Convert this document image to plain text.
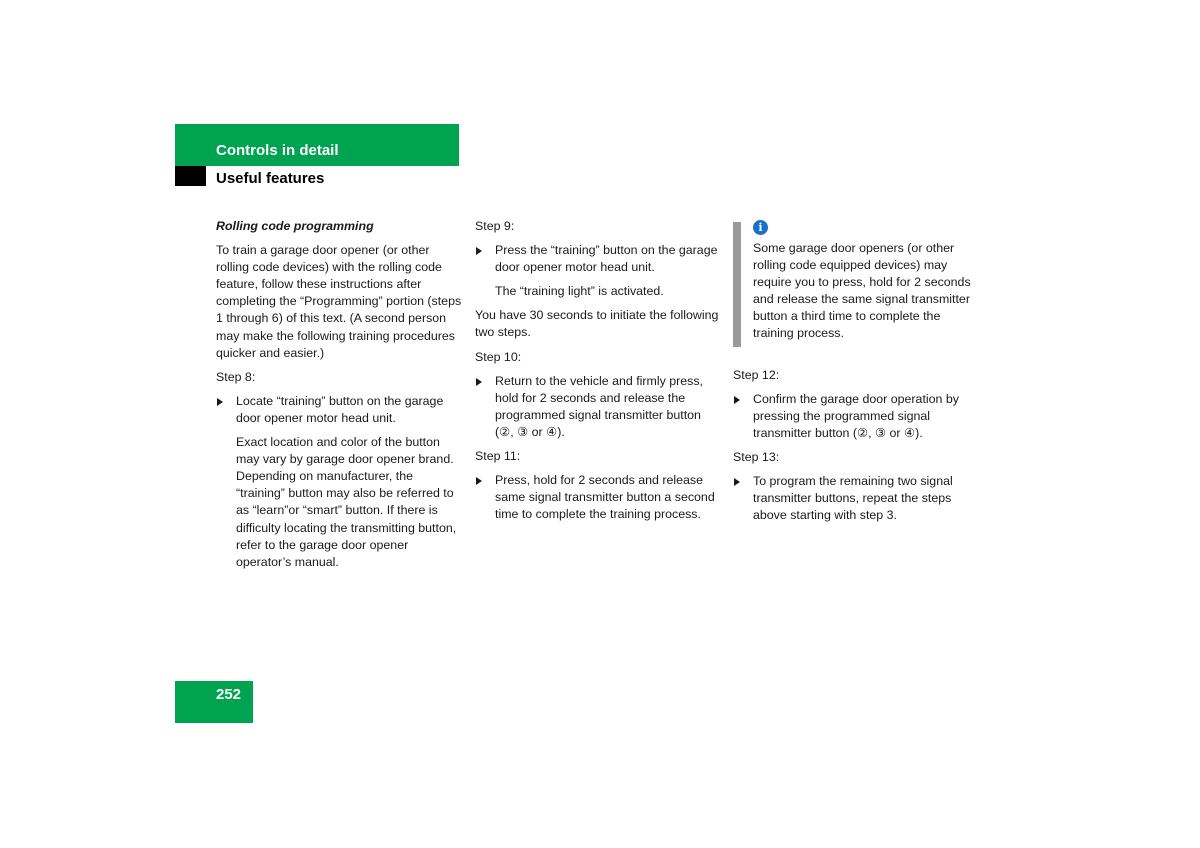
Controls in detail
Useful features

Rolling code programming

To train a garage door opener (or other rolling code devices) with the rolling code feature, follow these instructions after completing the “Programming” portion (steps 1 through 6) of this text. (A second person may make the following training procedures quicker and easier.)

Step 8:

Locate “training” button on the garage door opener motor head unit.

Exact location and color of the button may vary by garage door opener brand. Depending on manufacturer, the “training” button may also be referred to as “learn”or “smart” button. If there is difficulty locating the transmitting button, refer to the garage door opener operator’s manual.

Step 9:

Press the “training” button on the garage door opener motor head unit.

The “training light” is activated.

You have 30 seconds to initiate the following two steps.

Step 10:

Return to the vehicle and firmly press, hold for 2 seconds and release the programmed signal transmitter button (②, ③ or ④).

Step 11:

Press, hold for 2 seconds and release same signal transmitter button a second time to complete the training process.
i

Some garage door openers (or other rolling code equipped devices) may require you to press, hold for 2 seconds and release the same signal transmitter button a third time to complete the training process.

Step 12:

Confirm the garage door operation by pressing the programmed signal transmitter button (②, ③ or ④).

Step 13:

To program the remaining two signal transmitter buttons, repeat the steps above starting with step 3.
252
